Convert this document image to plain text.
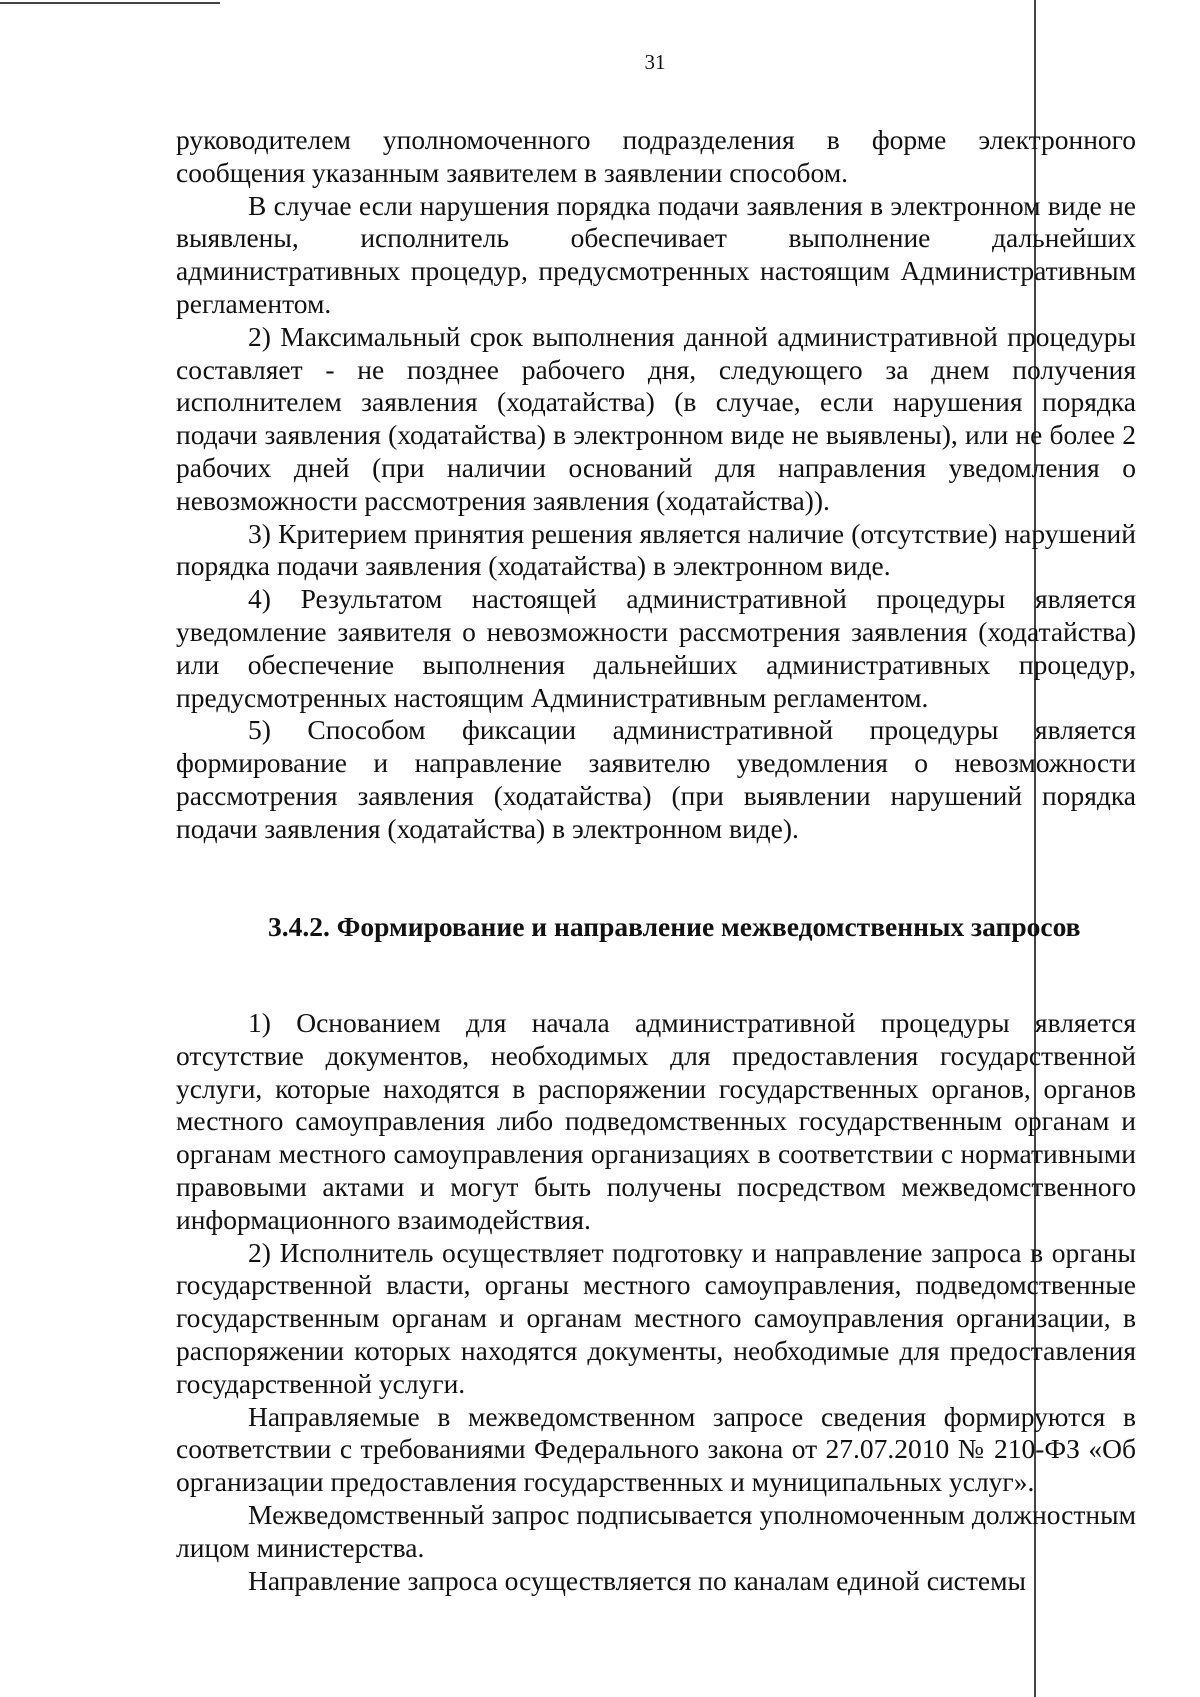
31

руководителем уполномоченного подразделения в форме электронного сообщения указанным заявителем в заявлении способом.

В случае если нарушения порядка подачи заявления в электронном виде не выявлены, исполнитель обеспечивает выполнение дальнейших административных процедур, предусмотренных настоящим Административным регламентом.

2) Максимальный срок выполнения данной административной процедуры составляет - не позднее рабочего дня, следующего за днем получения исполнителем заявления (ходатайства) (в случае, если нарушения порядка подачи заявления (ходатайства) в электронном виде не выявлены), или не более 2 рабочих дней (при наличии оснований для направления уведомления о невозможности рассмотрения заявления (ходатайства)).

3) Критерием принятия решения является наличие (отсутствие) нарушений порядка подачи заявления (ходатайства) в электронном виде.

4) Результатом настоящей административной процедуры является уведомление заявителя о невозможности рассмотрения заявления (ходатайства) или обеспечение выполнения дальнейших административных процедур, предусмотренных настоящим Административным регламентом.

5) Способом фиксации административной процедуры является формирование и направление заявителю уведомления о невозможности рассмотрения заявления (ходатайства) (при выявлении нарушений порядка подачи заявления (ходатайства) в электронном виде).

3.4.2. Формирование и направление межведомственных запросов

1) Основанием для начала административной процедуры является отсутствие документов, необходимых для предоставления государственной услуги, которые находятся в распоряжении государственных органов, органов местного самоуправления либо подведомственных государственным органам и органам местного самоуправления организациях в соответствии с нормативными правовыми актами и могут быть получены посредством межведомственного информационного взаимодействия.

2) Исполнитель осуществляет подготовку и направление запроса в органы государственной власти, органы местного самоуправления, подведомственные государственным органам и органам местного самоуправления организации, в распоряжении которых находятся документы, необходимые для предоставления государственной услуги.

Направляемые в межведомственном запросе сведения формируются в соответствии с требованиями Федерального закона от 27.07.2010 № 210-ФЗ «Об организации предоставления государственных и муниципальных услуг».

Межведомственный запрос подписывается уполномоченным должностным лицом министерства.

Направление запроса осуществляется по каналам единой системы
